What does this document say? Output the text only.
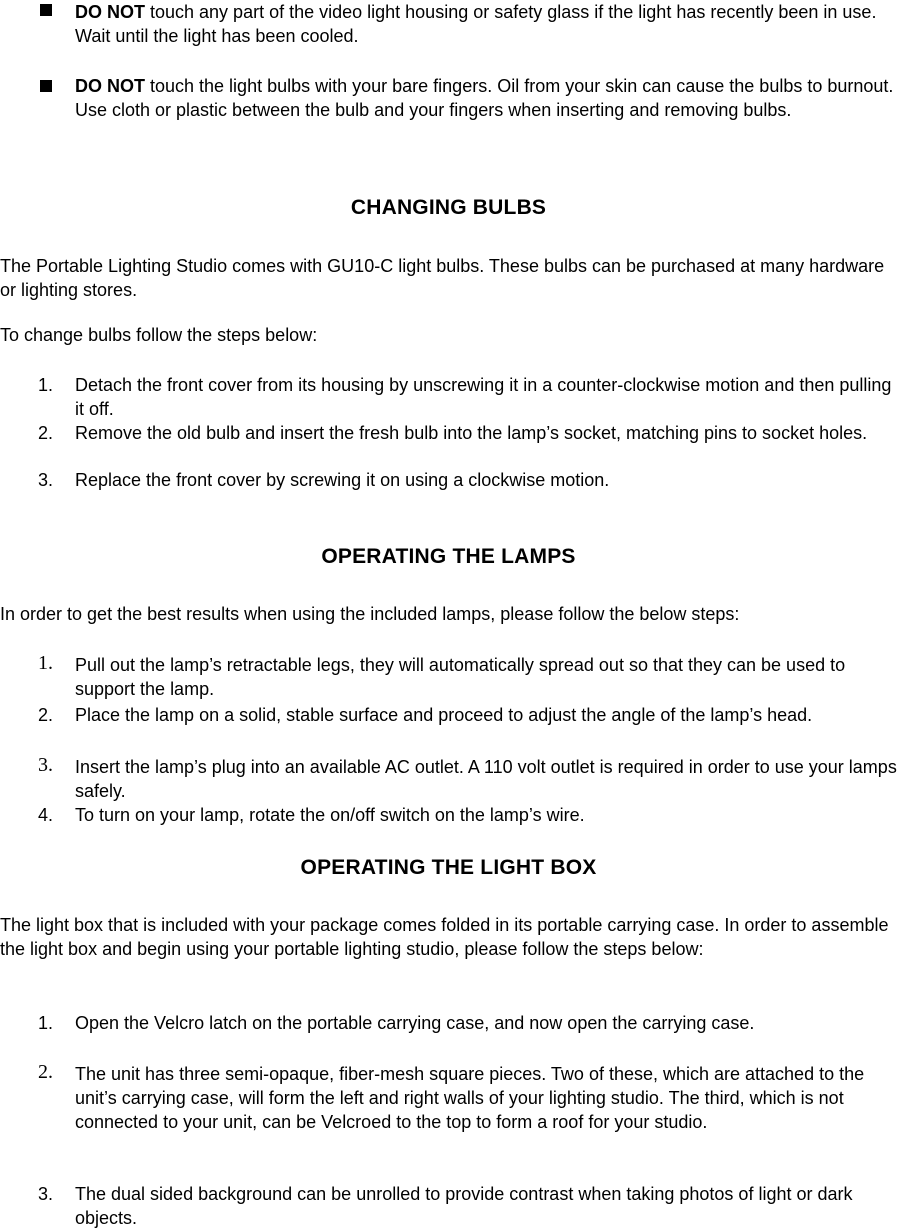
DO NOT touch any part of the video light housing or safety glass if the light has recently been in use. Wait until the light has been cooled.
DO NOT touch the light bulbs with your bare fingers. Oil from your skin can cause the bulbs to burnout. Use cloth or plastic between the bulb and your fingers when inserting and removing bulbs.
CHANGING BULBS
The Portable Lighting Studio comes with GU10-C light bulbs. These bulbs can be purchased at many hardware or lighting stores.
To change bulbs follow the steps below:
1.	Detach the front cover from its housing by unscrewing it in a counter-clockwise motion and then pulling it off.
2.	Remove the old bulb and insert the fresh bulb into the lamp’s socket, matching pins to socket holes.
3.	Replace the front cover by screwing it on using a clockwise motion.
OPERATING THE LAMPS
In order to get the best results when using the included lamps, please follow the below steps:
1.	Pull out the lamp’s retractable legs, they will automatically spread out so that they can be used to support the lamp.
2.	Place the lamp on a solid, stable surface and proceed to adjust the angle of the lamp’s head.
3.	Insert the lamp’s plug into an available AC outlet. A 110 volt outlet is required in order to use your lamps safely.
4.	To turn on your lamp, rotate the on/off switch on the lamp’s wire.
OPERATING THE LIGHT BOX
The light box that is included with your package comes folded in its portable carrying case. In order to assemble the light box and begin using your portable lighting studio, please follow the steps below:
1.	Open the Velcro latch on the portable carrying case, and now open the carrying case.
2.	The unit has three semi-opaque, fiber-mesh square pieces. Two of these, which are attached to the unit’s carrying case, will form the left and right walls of your lighting studio. The third, which is not connected to your unit, can be Velcroed to the top to form a roof for your studio.
3.	The dual sided background can be unrolled to provide contrast when taking photos of light or dark objects.
